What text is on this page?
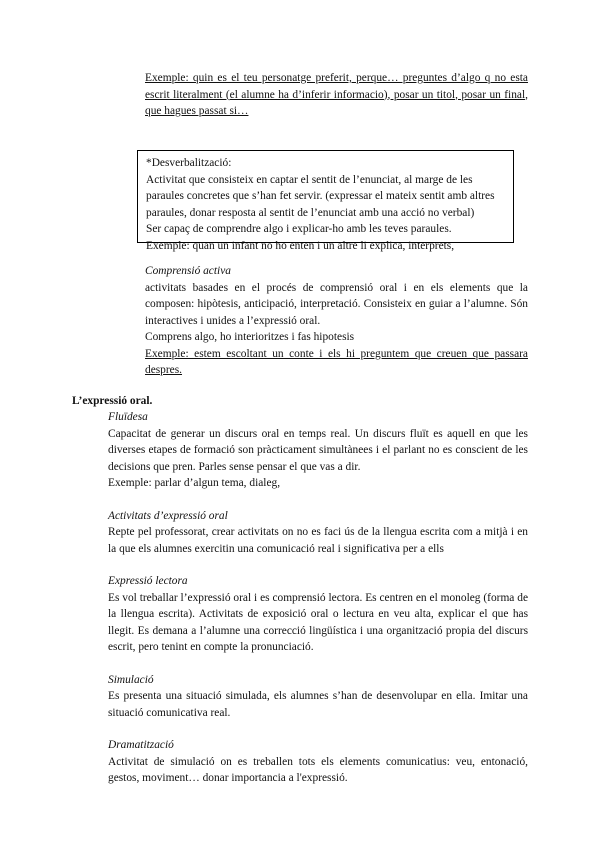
Exemple: quin es el teu personatge preferit, perque… preguntes d’algo q no esta escrit literalment (el alumne ha d’inferir informacio), posar un titol, posar un final, que hagues passat si…

*Desverbalització:

Activitat que consisteix en captar el sentit de l’enunciat, al marge de les paraules concretes que s’han fet servir. (expressar el mateix sentit amb altres paraules, donar resposta al sentit de l’enunciat amb una acció no verbal)

Ser capaç de comprendre algo i explicar-ho amb les teves paraules.

Exemple: quan un infant no ho enten i un altre li explica, interprets,

Comprensió activa

activitats basades en el procés de comprensió oral i en els elements que la composen: hipòtesis, anticipació, interpretació. Consisteix en guiar a l’alumne. Són interactives i unides a l’expressió oral.

Comprens algo, ho interioritzes i fas hipotesis

Exemple: estem escoltant un conte i els hi preguntem que creuen que passara despres.

L’expressió oral.

Fluïdesa

Capacitat de generar un discurs oral en temps real. Un discurs fluït es aquell en que les diverses etapes de formació son pràcticament simultànees i el parlant no es conscient de les decisions que pren. Parles sense pensar el que vas a dir.

Exemple: parlar d’algun tema, dialeg,

Activitats d’expressió oral

Repte pel professorat, crear activitats on no es faci ús de la llengua escrita com a mitjà i en la que els alumnes exercitin una comunicació real i significativa per a ells

Expressió lectora

Es vol treballar l’expressió oral i es comprensió lectora. Es centren en el monoleg (forma de la llengua escrita). Activitats de exposició oral o lectura en veu alta, explicar el que has llegit. Es demana a l’alumne una correcció lingüística i una organització propia del discurs escrit, pero tenint en compte la pronunciació.

Simulació

Es presenta una situació simulada, els alumnes s’han de desenvolupar en ella. Imitar una situació comunicativa real.

Dramatització

Activitat de simulació on es treballen tots els elements comunicatius: veu, entonació, gestos, moviment… donar importancia a l'expressió.
